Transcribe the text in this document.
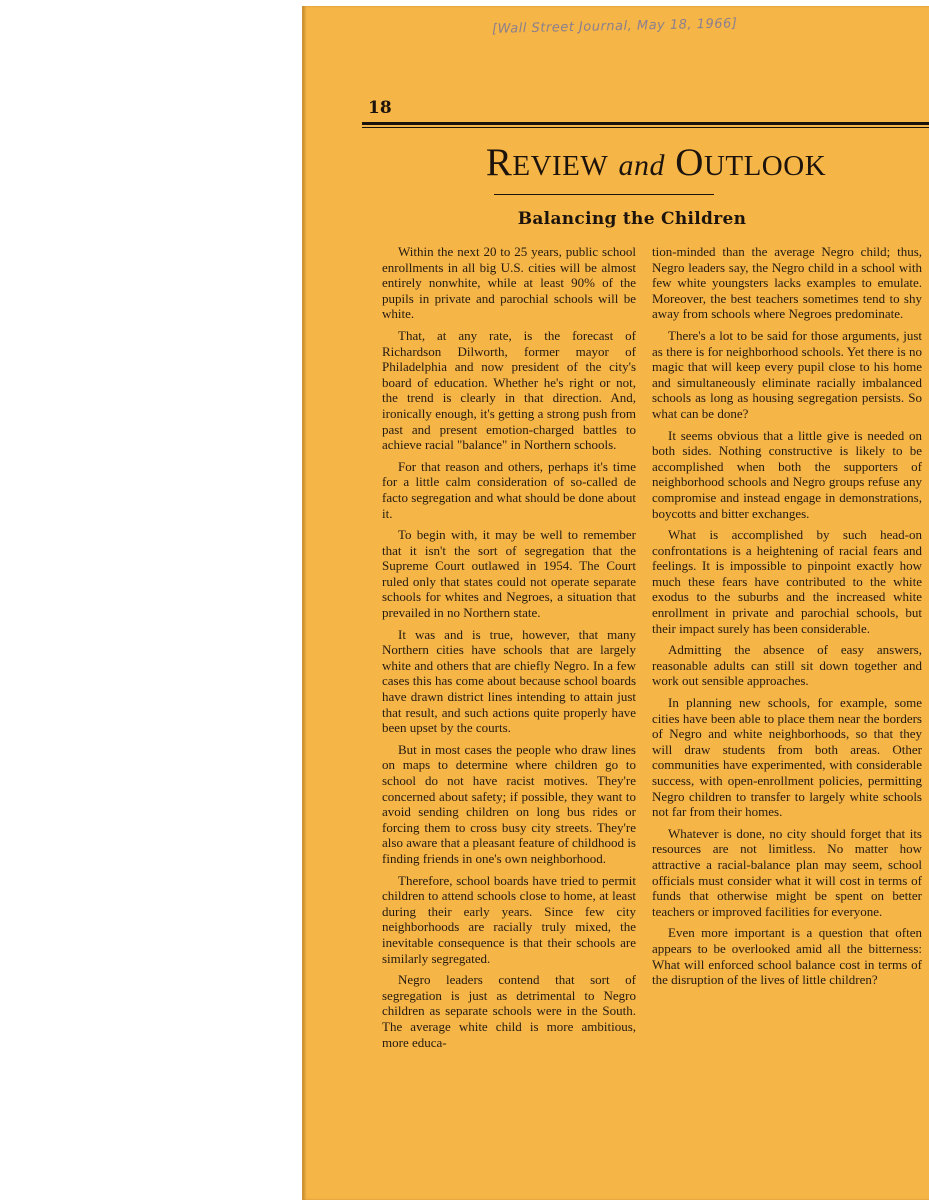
[Wall Street Journal, May 18, 1966]
18
REVIEW and OUTLOOK
Balancing the Children

Within the next 20 to 25 years, public school enrollments in all big U.S. cities will be almost entirely nonwhite, while at least 90% of the pupils in private and parochial schools will be white.

That, at any rate, is the forecast of Richardson Dilworth, former mayor of Philadelphia and now president of the city's board of education. Whether he's right or not, the trend is clearly in that direction. And, ironically enough, it's getting a strong push from past and present emotion-charged battles to achieve racial "balance" in Northern schools.

For that reason and others, perhaps it's time for a little calm consideration of so-called de facto segregation and what should be done about it.

To begin with, it may be well to remember that it isn't the sort of segregation that the Supreme Court outlawed in 1954. The Court ruled only that states could not operate separate schools for whites and Negroes, a situation that prevailed in no Northern state.

It was and is true, however, that many Northern cities have schools that are largely white and others that are chiefly Negro. In a few cases this has come about because school boards have drawn district lines intending to attain just that result, and such actions quite properly have been upset by the courts.

But in most cases the people who draw lines on maps to determine where children go to school do not have racist motives. They're concerned about safety; if possible, they want to avoid sending children on long bus rides or forcing them to cross busy city streets. They're also aware that a pleasant feature of childhood is finding friends in one's own neighborhood.

Therefore, school boards have tried to permit children to attend schools close to home, at least during their early years. Since few city neighborhoods are racially truly mixed, the inevitable consequence is that their schools are similarly segregated.

Negro leaders contend that sort of segregation is just as detrimental to Negro children as separate schools were in the South. The average white child is more ambitious, more educa-

tion-minded than the average Negro child; thus, Negro leaders say, the Negro child in a school with few white youngsters lacks examples to emulate. Moreover, the best teachers sometimes tend to shy away from schools where Negroes predominate.

There's a lot to be said for those arguments, just as there is for neighborhood schools. Yet there is no magic that will keep every pupil close to his home and simultaneously eliminate racially imbalanced schools as long as housing segregation persists. So what can be done?

It seems obvious that a little give is needed on both sides. Nothing constructive is likely to be accomplished when both the supporters of neighborhood schools and Negro groups refuse any compromise and instead engage in demonstrations, boycotts and bitter exchanges.

What is accomplished by such head-on confrontations is a heightening of racial fears and feelings. It is impossible to pinpoint exactly how much these fears have contributed to the white exodus to the suburbs and the increased white enrollment in private and parochial schools, but their impact surely has been considerable.

Admitting the absence of easy answers, reasonable adults can still sit down together and work out sensible approaches.

In planning new schools, for example, some cities have been able to place them near the borders of Negro and white neighborhoods, so that they will draw students from both areas. Other communities have experimented, with considerable success, with open-enrollment policies, permitting Negro children to transfer to largely white schools not far from their homes.

Whatever is done, no city should forget that its resources are not limitless. No matter how attractive a racial-balance plan may seem, school officials must consider what it will cost in terms of funds that otherwise might be spent on better teachers or improved facilities for everyone.

Even more important is a question that often appears to be overlooked amid all the bitterness: What will enforced school balance cost in terms of the disruption of the lives of little children?
